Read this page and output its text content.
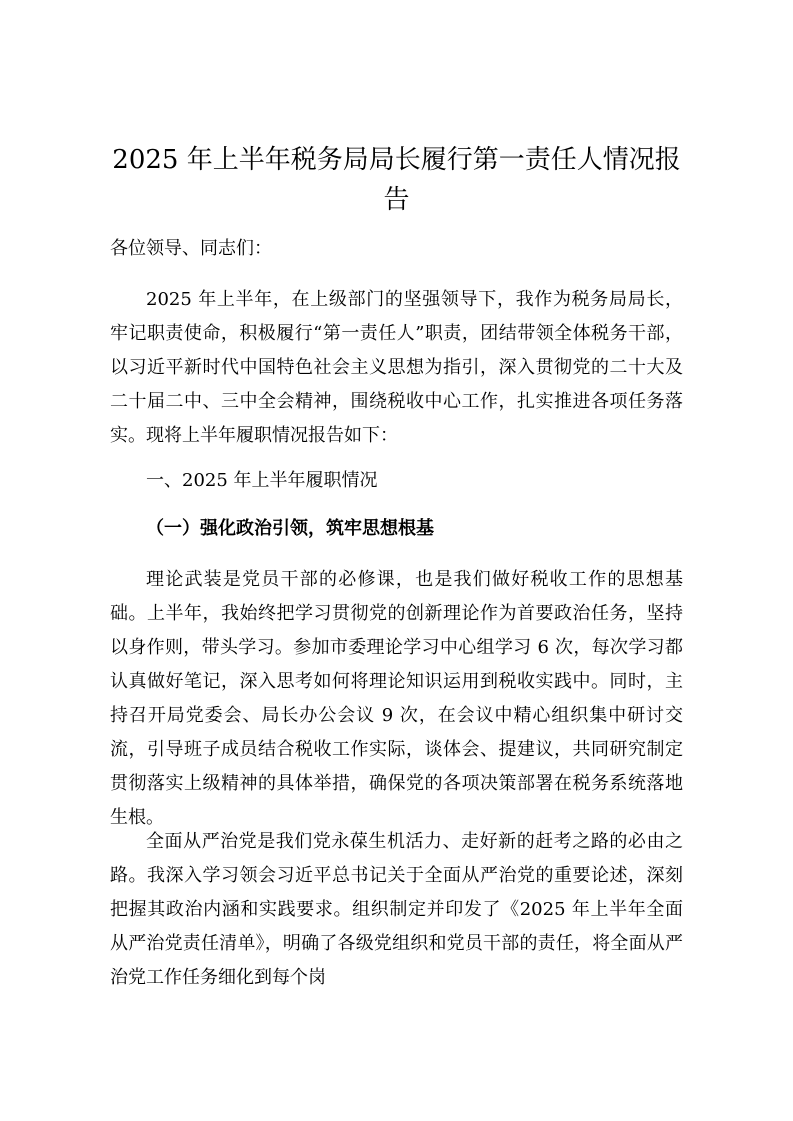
2025 年上半年税务局局长履行第一责任人情况报告

各位领导、同志们：

2025 年上半年，在上级部门的坚强领导下，我作为税务局局长，牢记职责使命，积极履行“第一责任人”职责，团结带领全体税务干部，以习近平新时代中国特色社会主义思想为指引，深入贯彻党的二十大及二十届二中、三中全会精神，围绕税收中心工作，扎实推进各项任务落实。现将上半年履职情况报告如下：

一、2025 年上半年履职情况
（一）强化政治引领，筑牢思想根基

理论武装是党员干部的必修课，也是我们做好税收工作的思想基础。上半年，我始终把学习贯彻党的创新理论作为首要政治任务，坚持以身作则，带头学习。参加市委理论学习中心组学习 6 次，每次学习都认真做好笔记，深入思考如何将理论知识运用到税收实践中。同时，主持召开局党委会、局长办公会议 9 次，在会议中精心组织集中研讨交流，引导班子成员结合税收工作实际，谈体会、提建议，共同研究制定贯彻落实上级精神的具体举措，确保党的各项决策部署在税务系统落地生根。

全面从严治党是我们党永葆生机活力、走好新的赶考之路的必由之路。我深入学习领会习近平总书记关于全面从严治党的重要论述，深刻把握其政治内涵和实践要求。组织制定并印发了《2025 年上半年全面从严治党责任清单》，明确了各级党组织和党员干部的责任，将全面从严治党工作任务细化到每个岗
